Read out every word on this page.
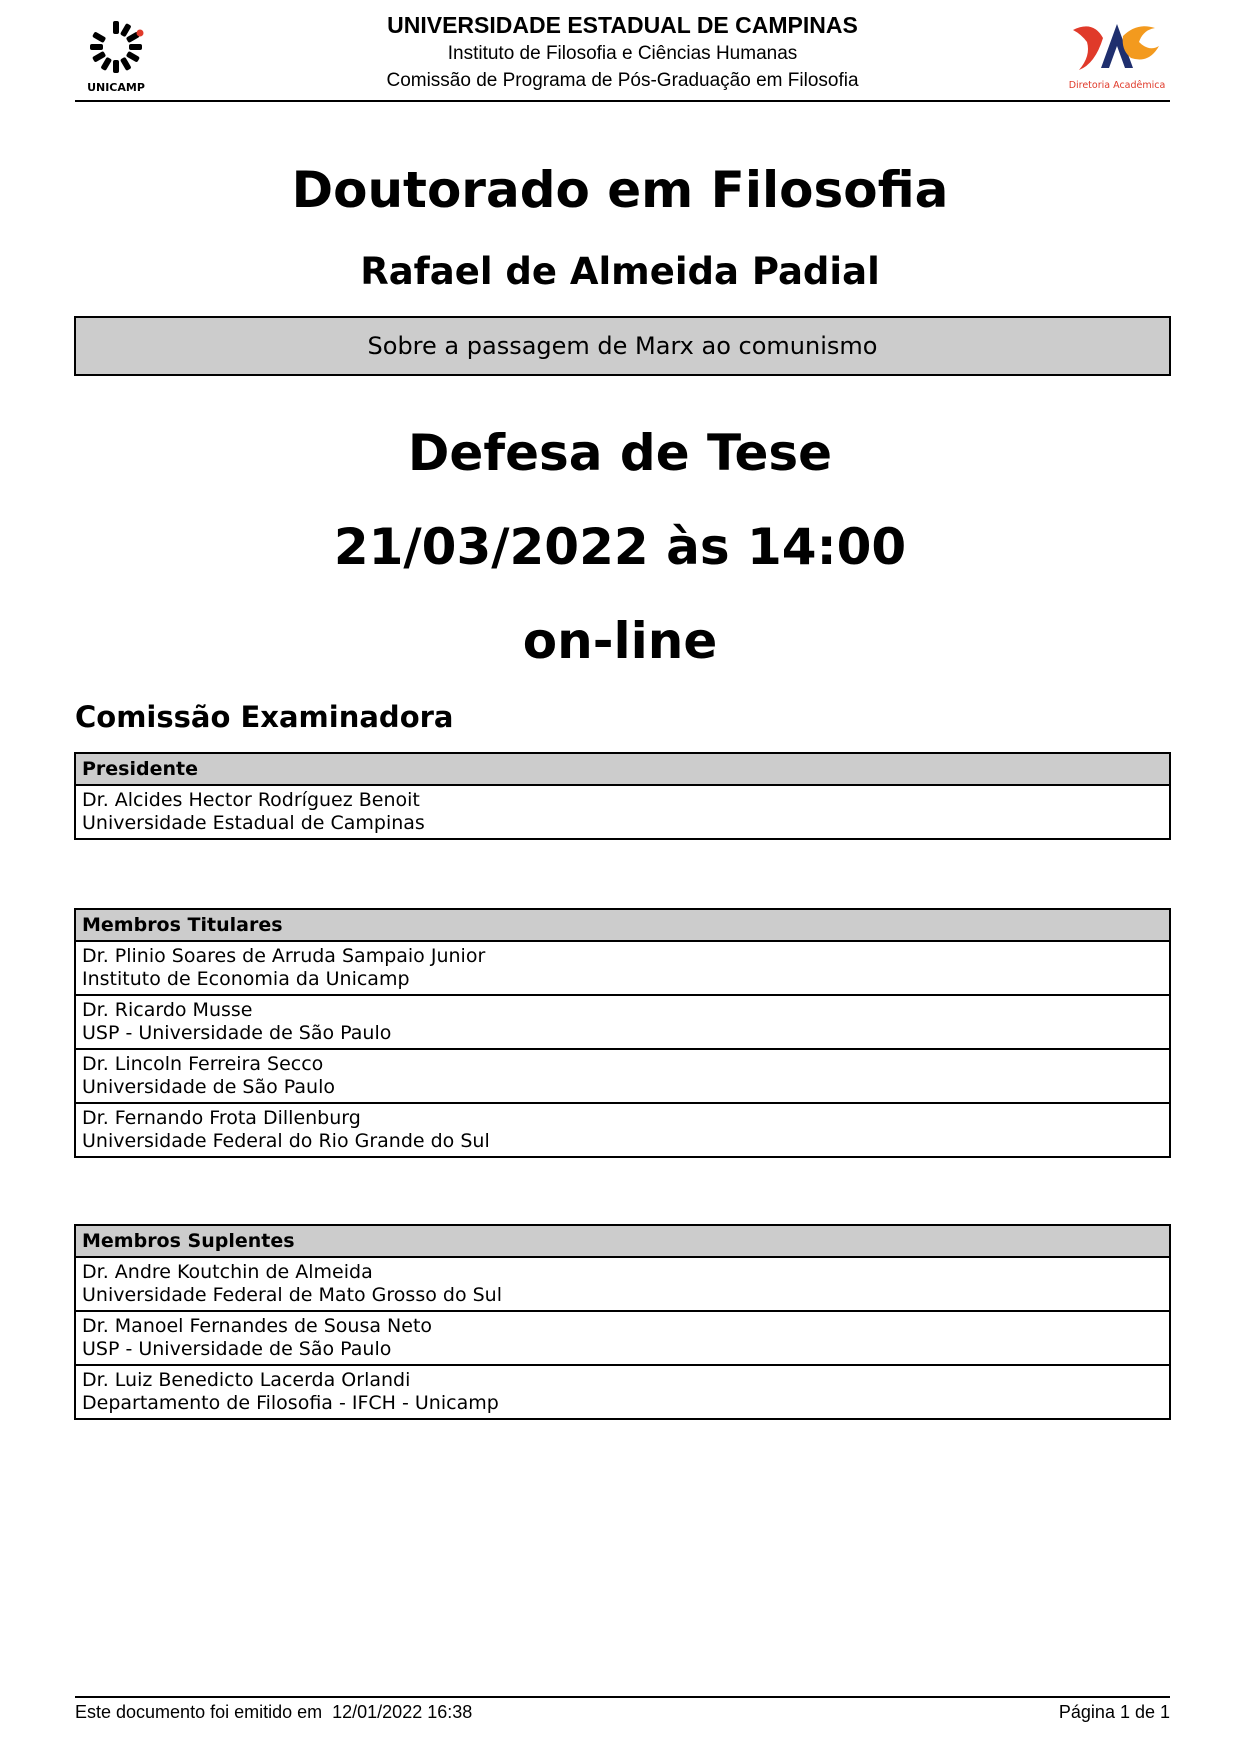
UNICAMP
UNIVERSIDADE ESTADUAL DE CAMPINAS
Instituto de Filosofia e Ciências Humanas
Comissão de Programa de Pós-Graduação em Filosofia	Diretoria Acadêmica
Doutorado em Filosofia
Rafael de Almeida Padial
Sobre a passagem de Marx ao comunismo
Defesa de Tese
21/03/2022 às 14:00
on-line
Comissão Examinadora
Presidente

Dr. Alcides Hector Rodríguez Benoit
Universidade Estadual de Campinas
Membros Titulares

Dr. Plinio Soares de Arruda Sampaio Junior
Instituto de Economia da Unicamp

Dr. Ricardo Musse
USP - Universidade de São Paulo

Dr. Lincoln Ferreira Secco
Universidade de São Paulo

Dr. Fernando Frota Dillenburg
Universidade Federal do Rio Grande do Sul
Membros Suplentes

Dr. Andre Koutchin de Almeida
Universidade Federal de Mato Grosso do Sul

Dr. Manoel Fernandes de Sousa Neto
USP - Universidade de São Paulo

Dr. Luiz Benedicto Lacerda Orlandi
Departamento de Filosofia - IFCH - Unicamp
Este documento foi emitido em  12/01/2022 16:38	Página 1 de 1
